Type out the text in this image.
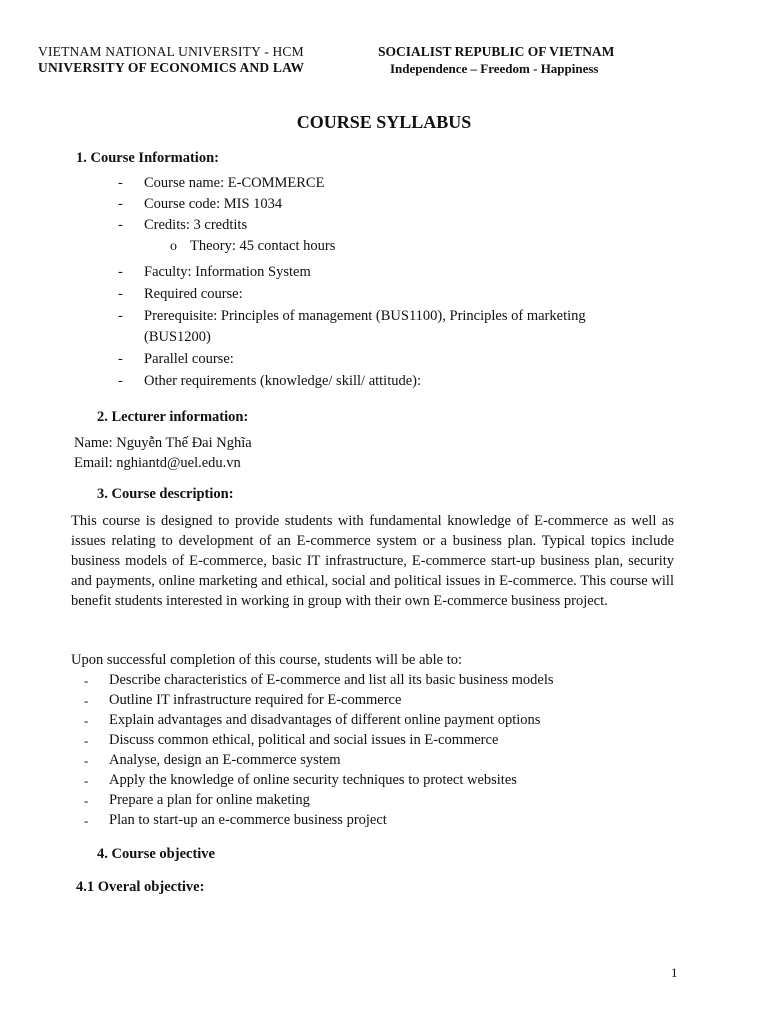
VIETNAM NATIONAL UNIVERSITY - HCM
UNIVERSITY OF ECONOMICS AND LAW
SOCIALIST REPUBLIC OF VIETNAM
Independence – Freedom - Happiness
COURSE SYLLABUS
1. Course Information:
- Course name: E-COMMERCE
- Course code: MIS 1034
- Credits: 3 credtits
o Theory: 45 contact hours
- Faculty: Information System
- Required course:
- Prerequisite: Principles of management (BUS1100), Principles of marketing
(BUS1200)
- Parallel course:
- Other requirements (knowledge/ skill/ attitude):
2. Lecturer information:
Name: Nguyễn Thế Đai Nghĩa
Email: nghiantd@uel.edu.vn
3. Course description:
This course is designed to provide students with fundamental knowledge of E-commerce as well as issues relating to development of an E-commerce system or a business plan. Typical topics include business models of E-commerce, basic IT infrastructure, E-commerce start-up business plan, security and payments, online marketing and ethical, social and political issues in E-commerce. This course will benefit students interested in working in group with their own E-commerce business project.
Upon successful completion of this course, students will be able to:
- Describe characteristics of E-commerce and list all its basic business models
- Outline IT infrastructure required for E-commerce
- Explain advantages and disadvantages of different online payment options
- Discuss common ethical, political and social issues in E-commerce
- Analyse, design an E-commerce system
- Apply the knowledge of online security techniques to protect websites
- Prepare a plan for online maketing
- Plan to start-up an e-commerce business project
4. Course objective
4.1 Overal objective:
1
